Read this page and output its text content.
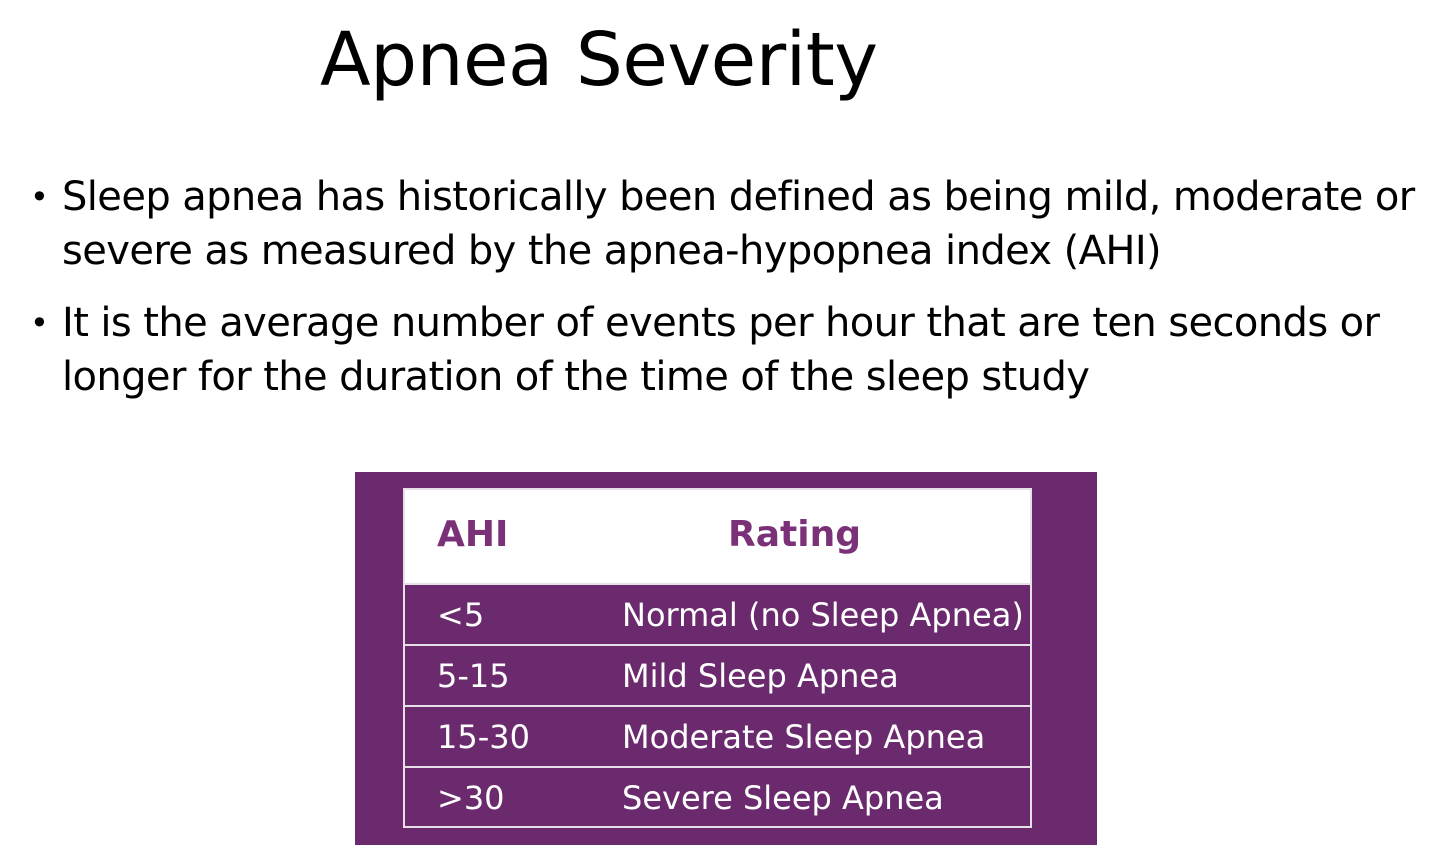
Apnea Severity
• Sleep apnea has historically been defined as being mild, moderate or severe as measured by the apnea-hypopnea index (AHI)
• It is the average number of events per hour that are ten seconds or longer for the duration of the time of the sleep study
AHI	Rating
<5	Normal (no Sleep Apnea)
5-15	Mild Sleep Apnea
15-30	Moderate Sleep Apnea
>30	Severe Sleep Apnea
